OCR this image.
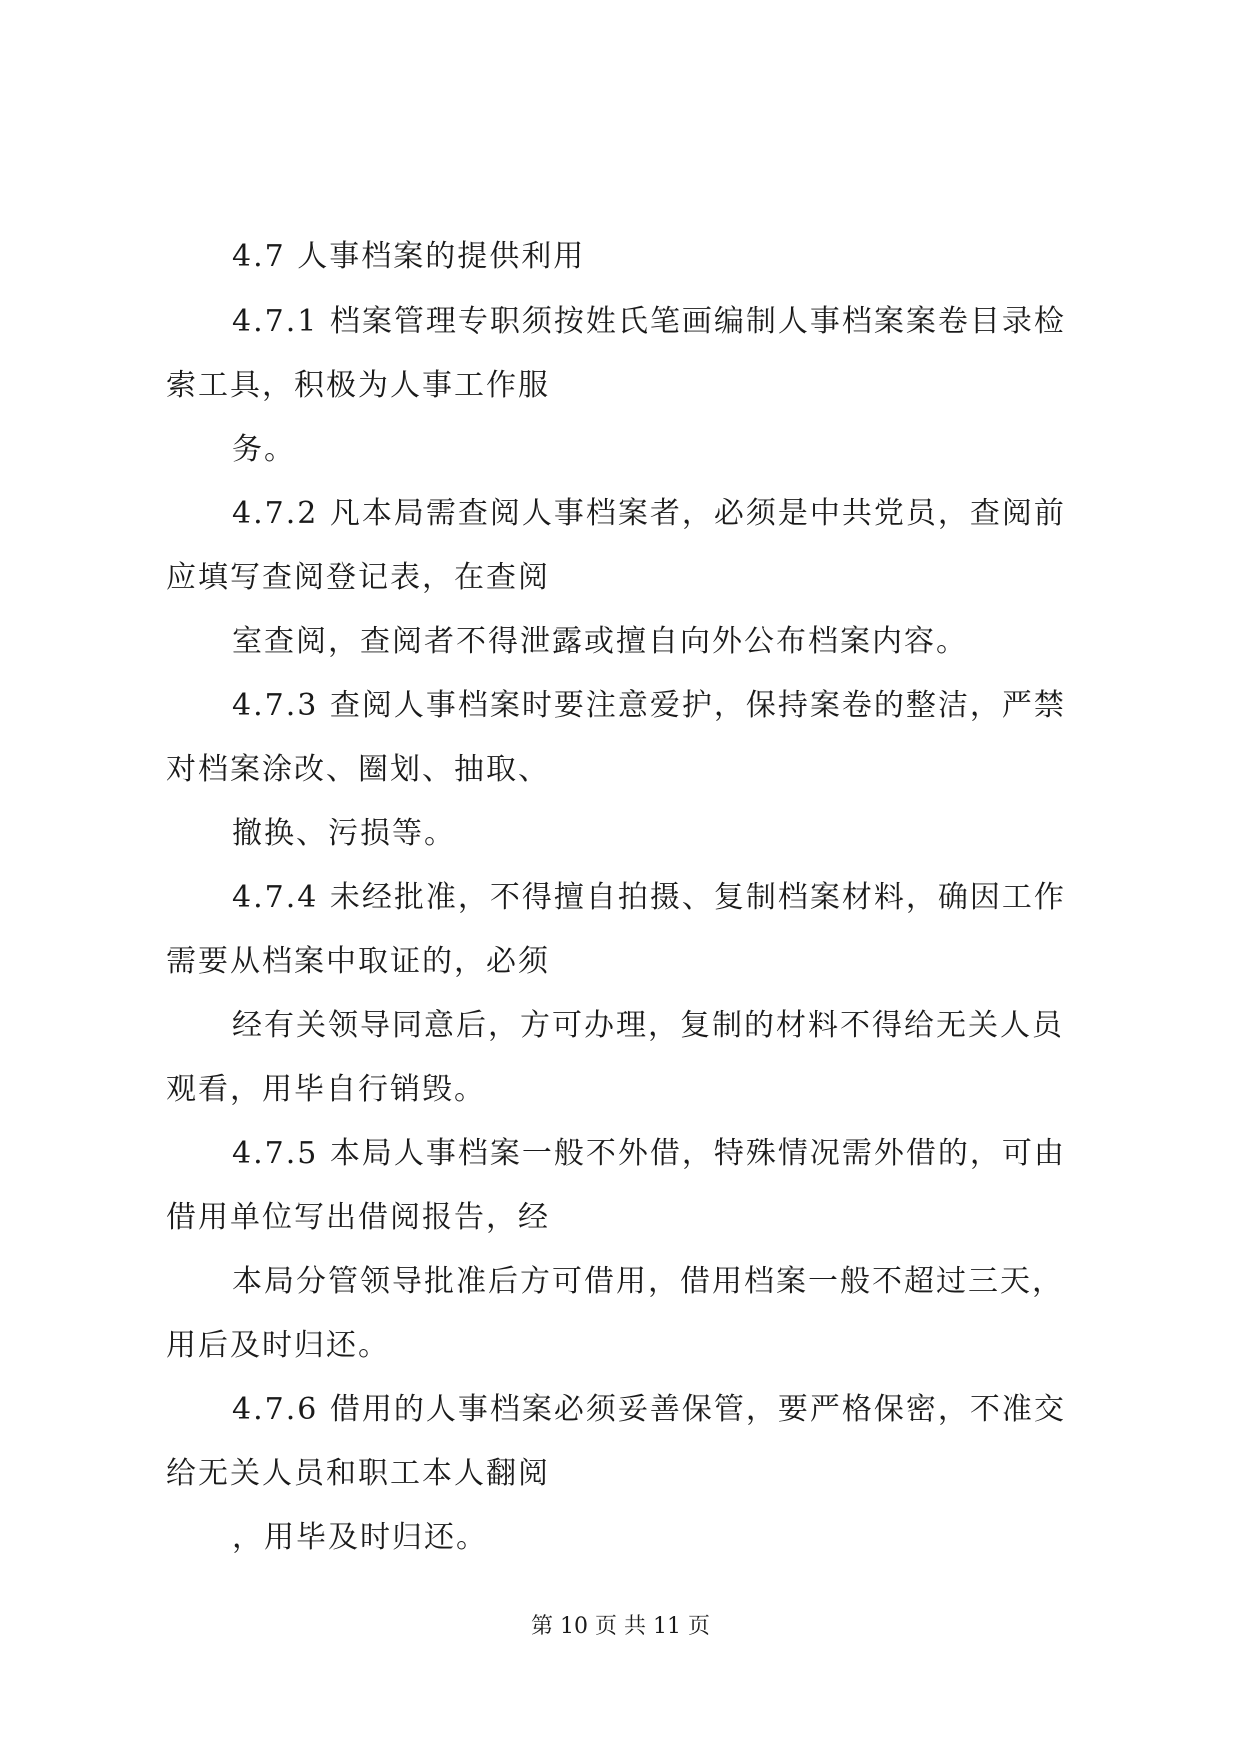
4.7 人事档案的提供利用
4.7.1 档案管理专职须按姓氏笔画编制人事档案案卷目录检
索工具，积极为人事工作服
务。
4.7.2 凡本局需查阅人事档案者，必须是中共党员，查阅前
应填写查阅登记表，在查阅
室查阅，查阅者不得泄露或擅自向外公布档案内容。
4.7.3 查阅人事档案时要注意爱护，保持案卷的整洁，严禁
对档案涂改、圈划、抽取、
撤换、污损等。
4.7.4 未经批准，不得擅自拍摄、复制档案材料，确因工作
需要从档案中取证的，必须
经有关领导同意后，方可办理，复制的材料不得给无关人员
观看，用毕自行销毁。
4.7.5 本局人事档案一般不外借，特殊情况需外借的，可由
借用单位写出借阅报告，经
本局分管领导批准后方可借用，借用档案一般不超过三天，
用后及时归还。
4.7.6 借用的人事档案必须妥善保管，要严格保密，不准交
给无关人员和职工本人翻阅
，用毕及时归还。
第 10 页 共 11 页
